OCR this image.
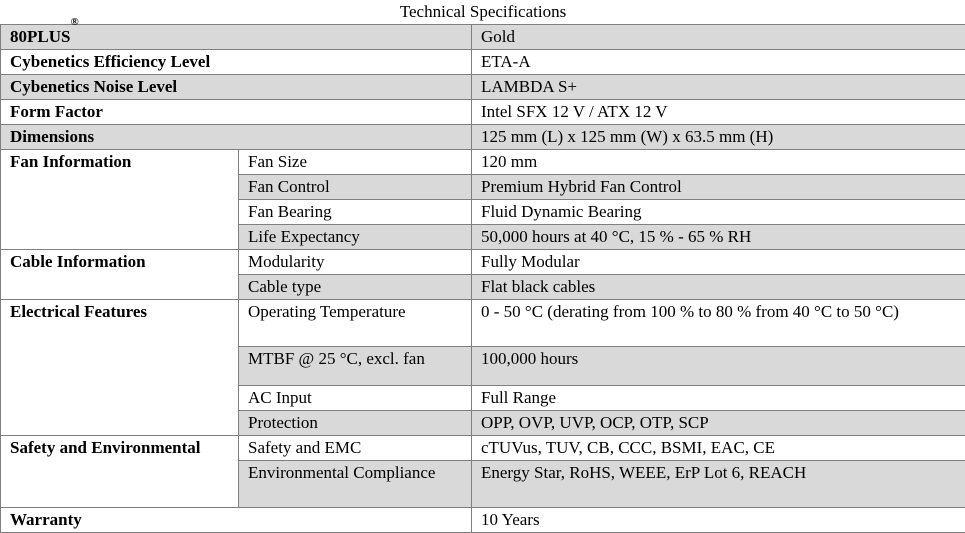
Technical Specifications		
80PLUS®		Gold
Cybenetics Efficiency Level		ETA-A
Cybenetics Noise Level		LAMBDA S+
Form Factor		Intel SFX 12 V / ATX 12 V
Dimensions		125 mm (L) x 125 mm (W) x 63.5 mm (H)
Fan Information	Fan Size	120 mm
	Fan Control	Premium Hybrid Fan Control
	Fan Bearing	Fluid Dynamic Bearing
	Life Expectancy	50,000 hours at 40 °C, 15 % - 65 % RH
Cable Information	Modularity	Fully Modular
	Cable type	Flat black cables
Electrical Features	Operating Temperature	0 - 50 °C (derating from 100 % to 80 % from 40 °C to 50 °C)
	MTBF @ 25 °C, excl. fan	100,000 hours
	AC Input	Full Range
	Protection	OPP, OVP, UVP, OCP, OTP, SCP
Safety and Environmental	Safety and EMC	cTUVus, TUV, CB, CCC, BSMI, EAC, CE
	Environmental Compliance	Energy Star, RoHS, WEEE, ErP Lot 6, REACH
Warranty		10 Years
